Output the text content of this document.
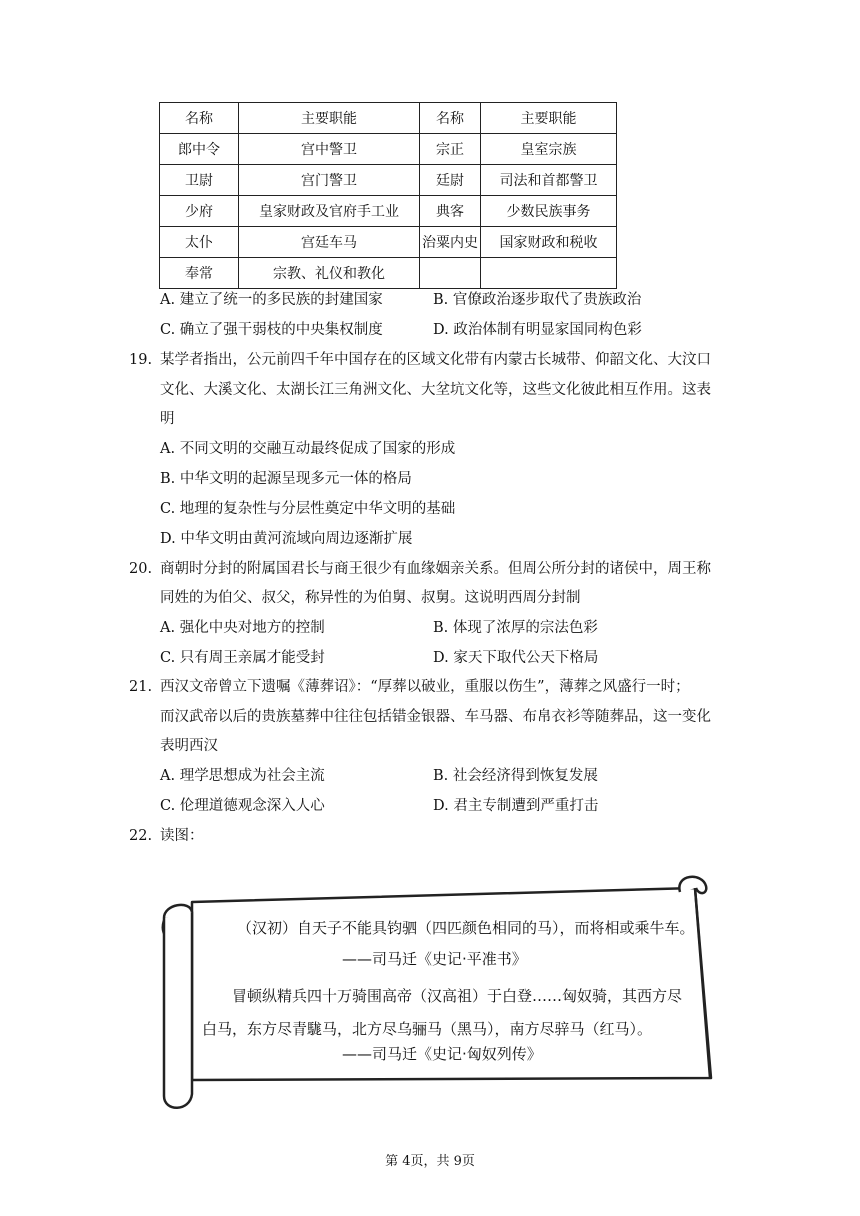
名称	主要职能	名称	主要职能
郎中令	宫中警卫	宗正	皇室宗族
卫尉	宫门警卫	廷尉	司法和首都警卫
少府	皇家财政及官府手工业	典客	少数民族事务
太仆	宫廷车马	治粟内史	国家财政和税收
奉常	宗教、礼仪和教化		
A. 建立了统一的多民族的封建国家	B. 官僚政治逐步取代了贵族政治
C. 确立了强干弱枝的中央集权制度	D. 政治体制有明显家国同构色彩
19. 某学者指出，公元前四千年中国存在的区域文化带有内蒙古长城带、仰韶文化、大汶口
文化、大溪文化、太湖长江三角洲文化、大坌坑文化等，这些文化彼此相互作用。这表
明
A. 不同文明的交融互动最终促成了国家的形成
B. 中华文明的起源呈现多元一体的格局
C. 地理的复杂性与分层性奠定中华文明的基础
D. 中华文明由黄河流域向周边逐渐扩展
20. 商朝时分封的附属国君长与商王很少有血缘姻亲关系。但周公所分封的诸侯中，周王称
同姓的为伯父、叔父，称异性的为伯舅、叔舅。这说明西周分封制
A. 强化中央对地方的控制	B. 体现了浓厚的宗法色彩
C. 只有周王亲属才能受封	D. 家天下取代公天下格局
21. 西汉文帝曾立下遗嘱《薄葬诏》：“厚葬以破业，重服以伤生”，薄葬之风盛行一时；
而汉武帝以后的贵族墓葬中往往包括错金银器、车马器、布帛衣衫等随葬品，这一变化
表明西汉
A. 理学思想成为社会主流	B. 社会经济得到恢复发展
C. 伦理道德观念深入人心	D. 君主专制遭到严重打击
22. 读图：
（汉初）自天子不能具钧驷（四匹颜色相同的马），而将相或乘牛车。
——司马迁《史记·平准书》
冒顿纵精兵四十万骑围高帝（汉高祖）于白登……匈奴骑，其西方尽
白马，东方尽青駹马，北方尽乌骊马（黑马），南方尽骍马（红马）。
——司马迁《史记·匈奴列传》
第 4页，共 9页
